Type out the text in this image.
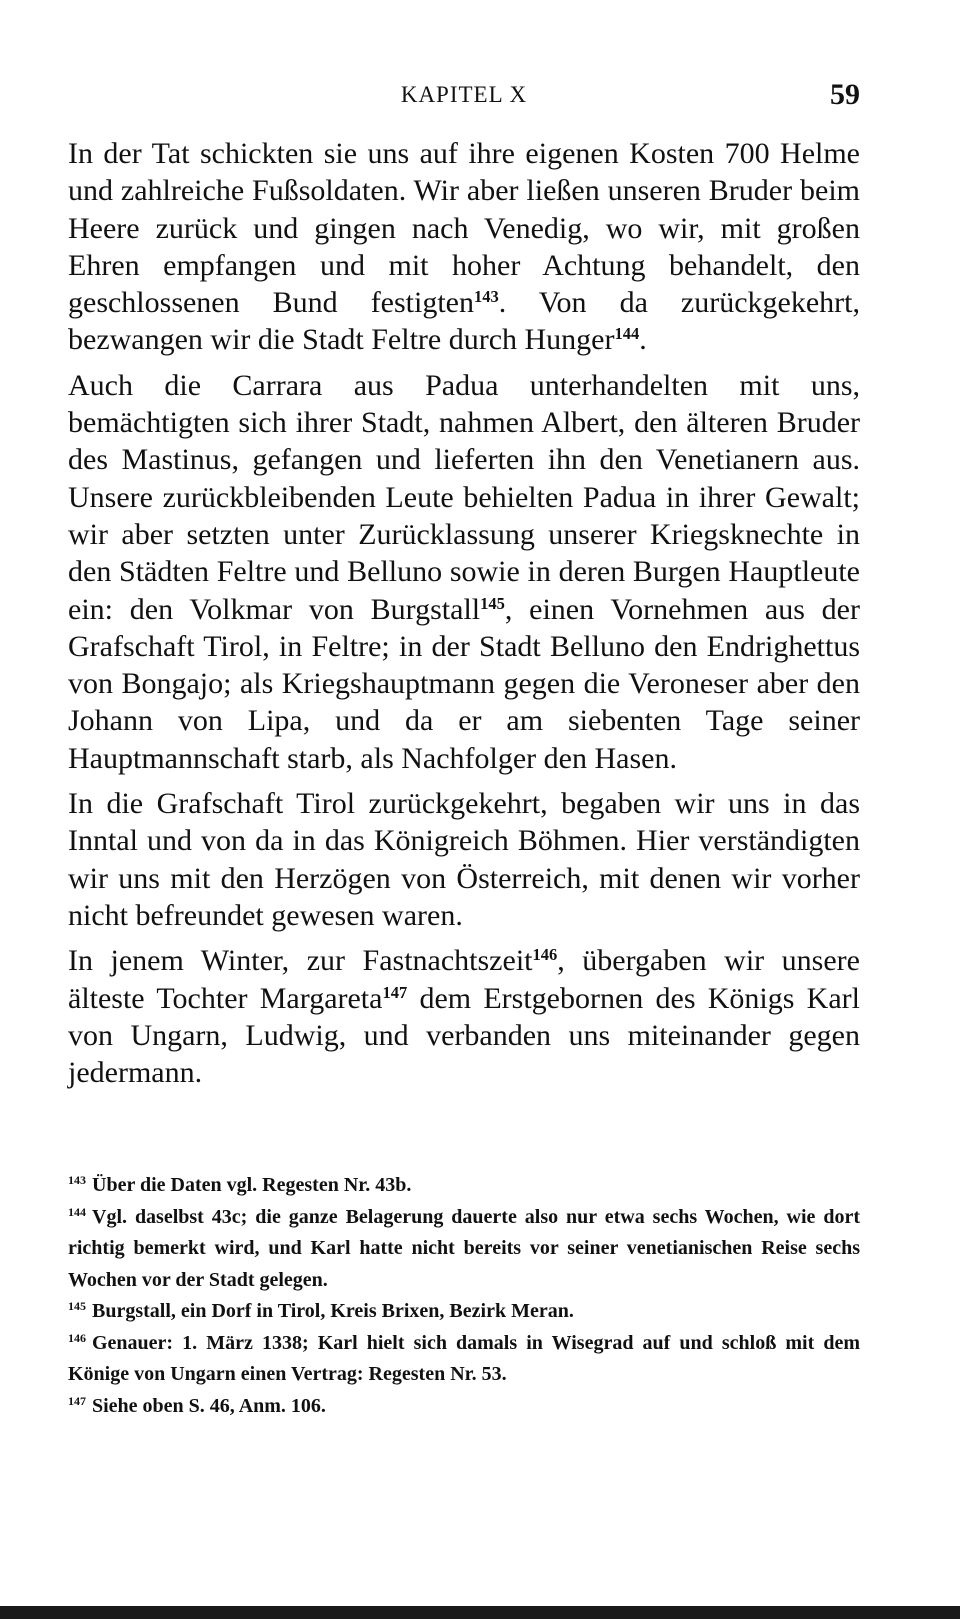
KAPITEL X	59

In der Tat schickten sie uns auf ihre eigenen Kosten 700 Helme und zahlreiche Fußsoldaten. Wir aber ließen unseren Bruder beim Heere zurück und gingen nach Venedig, wo wir, mit großen Ehren empfangen und mit hoher Achtung behandelt, den geschlossenen Bund festigten$^{143}$. Von da zurückgekehrt, bezwangen wir die Stadt Feltre durch Hunger$^{144}$.

Auch die Carrara aus Padua unterhandelten mit uns, bemächtigten sich ihrer Stadt, nahmen Albert, den älteren Bruder des Mastinus, gefangen und lieferten ihn den Venetianern aus. Unsere zurückbleibenden Leute behielten Padua in ihrer Gewalt; wir aber setzten unter Zurücklassung unserer Kriegsknechte in den Städten Feltre und Belluno sowie in deren Burgen Hauptleute ein: den Volkmar von Burgstall$^{145}$, einen Vornehmen aus der Grafschaft Tirol, in Feltre; in der Stadt Belluno den Endrighettus von Bongajo; als Kriegshauptmann gegen die Veroneser aber den Johann von Lipa, und da er am siebenten Tage seiner Hauptmannschaft starb, als Nachfolger den Hasen.

In die Grafschaft Tirol zurückgekehrt, begaben wir uns in das Inntal und von da in das Königreich Böhmen. Hier verständigten wir uns mit den Herzögen von Österreich, mit denen wir vorher nicht befreundet gewesen waren.

In jenem Winter, zur Fastnachtszeit$^{146}$, übergaben wir unsere älteste Tochter Margareta$^{147}$ dem Erstgebornen des Königs Karl von Ungarn, Ludwig, und verbanden uns miteinander gegen jedermann.

$^{143}$ Über die Daten vgl. Regesten Nr. 43b.

$^{144}$ Vgl. daselbst 43c; die ganze Belagerung dauerte also nur etwa sechs Wochen, wie dort richtig bemerkt wird, und Karl hatte nicht bereits vor seiner venetianischen Reise sechs Wochen vor der Stadt gelegen.

$^{145}$ Burgstall, ein Dorf in Tirol, Kreis Brixen, Bezirk Meran.

$^{146}$ Genauer: 1. März 1338; Karl hielt sich damals in Wisegrad auf und schloß mit dem Könige von Ungarn einen Vertrag: Regesten Nr. 53.

$^{147}$ Siehe oben S. 46, Anm. 106.
